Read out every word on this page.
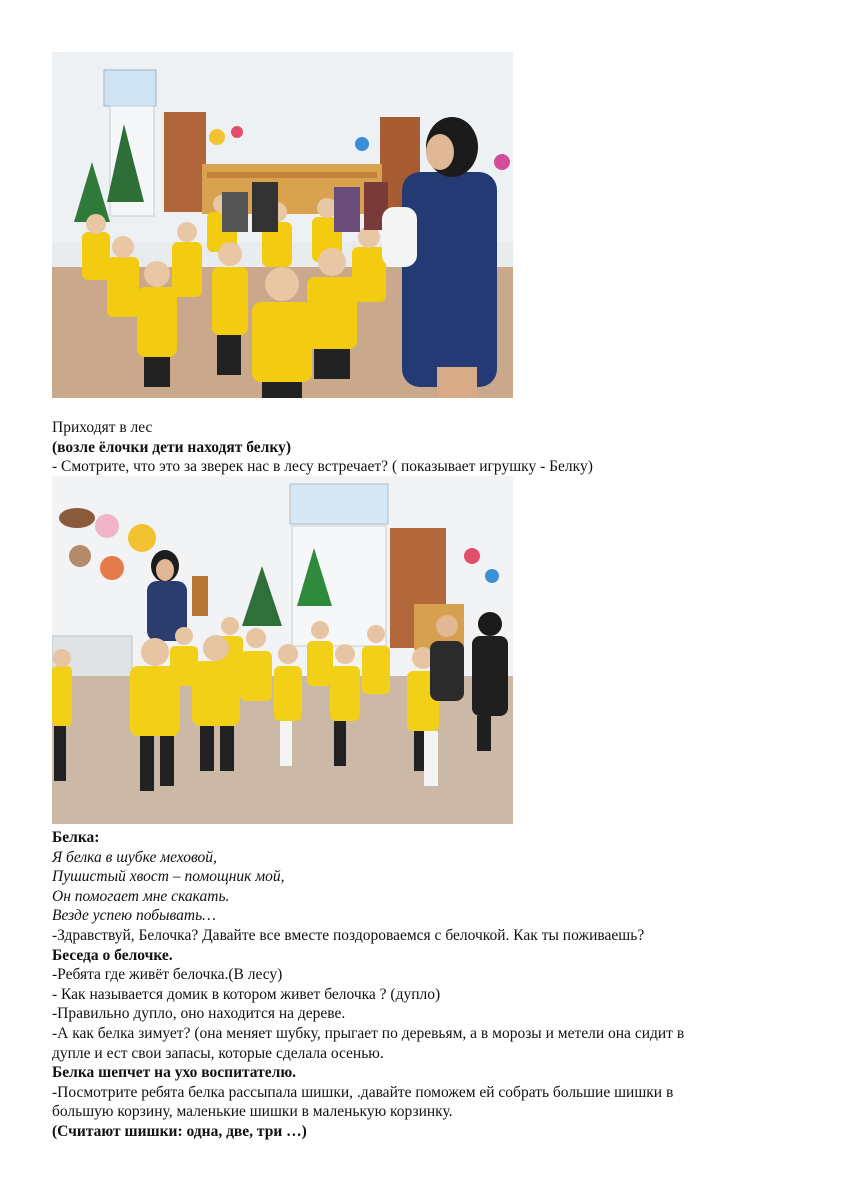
Приходят в лес
(возле ёлочки дети находят белку)
- Смотрите, что это за зверек нас в лесу встречает? ( показывает игрушку - Белку)
Белка:
Я белка в шубке меховой,
Пушистый хвост – помощник мой,
Он помогает мне скакать.
Везде успею побывать…
-Здравствуй, Белочка? Давайте все вместе поздороваемся с белочкой. Как ты поживаешь?
Беседа о белочке.
-Ребята где живёт белочка.(В лесу)
- Как называется домик в котором живет белочка ? (дупло)
-Правильно дупло, оно находится на дереве.
-А как белка зимует? (она меняет шубку, прыгает по деревьям, а в морозы и метели она сидит в
дупле и ест свои запасы, которые сделала осенью.
Белка шепчет на ухо воспитателю.
-Посмотрите ребята белка рассыпала шишки, .давайте поможем ей собрать большие шишки в
большую корзину, маленькие шишки в маленькую корзинку.
(Считают шишки: одна, две, три …)
